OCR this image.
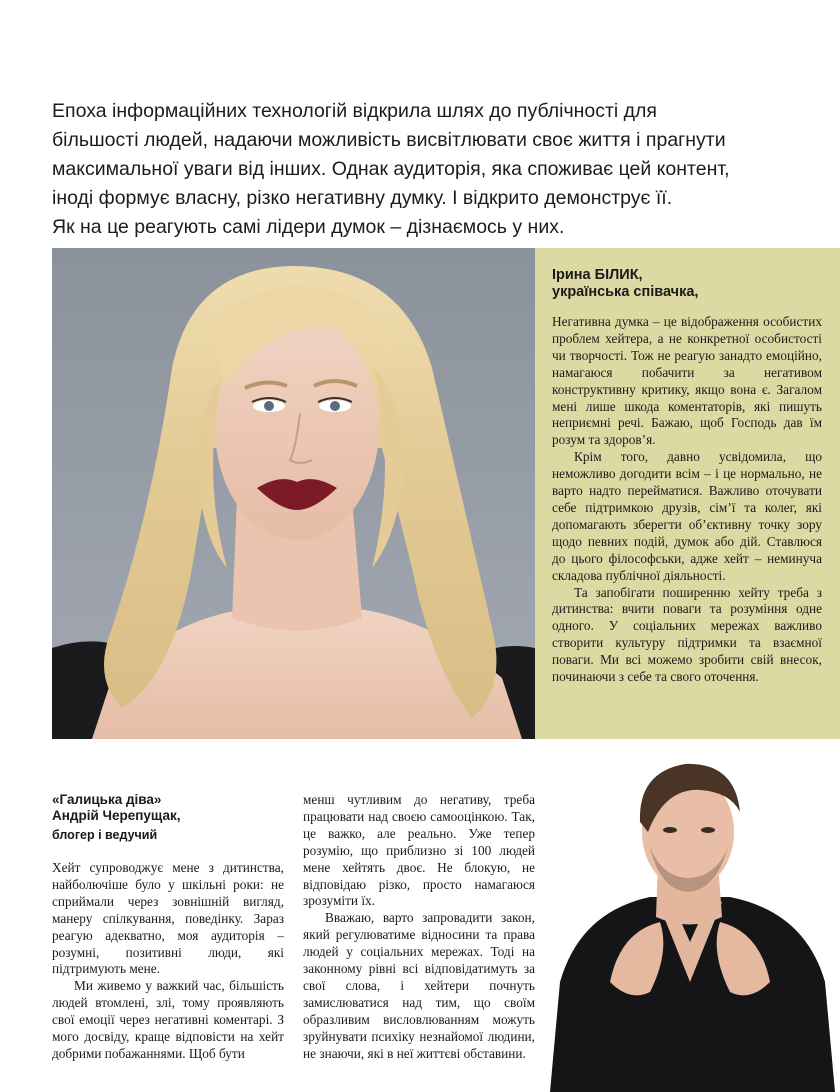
Епоха інформаційних технологій відкрила шлях до публічності для

більшості людей, надаючи можливість висвітлювати своє життя і прагнути

максимальної уваги від інших. Однак аудиторія, яка споживає цей контент,

іноді формує власну, різко негативну думку. І відкрито демонструє її.

Як на це реагують самі лідери думок – дізнаємось у них.

Ірина БІЛИК,
українська співачка,

Негативна думка – це відображення особистих проблем хейтера, а не конкретної особистості чи творчості. Тож не реагую занадто емоційно, намагаюся побачити за негативом конструктивну критику, якщо вона є. Загалом мені лише шкода коментаторів, які пишуть неприємні речі. Бажаю, щоб Господь дав їм розум та здоров’я.

Крім того, давно усвідомила, що неможливо догодити всім – і це нормально, не варто надто перейматися. Важливо оточувати себе підтримкою друзів, сім’ї та колег, які допомагають зберегти об’єктивну точку зору щодо певних подій, думок або дій. Ставлюся до цього філософськи, адже хейт – неминуча складова публічної діяльності.

Та запобігати поширенню хейту треба з дитинства: вчити поваги та розуміння одне одного. У соціальних мережах важливо створити культуру підтримки та взаємної поваги. Ми всі можемо зробити свій внесок, починаючи з себе та свого оточення.

«Галицька діва»
Андрій Черепущак,
блогер і ведучий

Хейт супроводжує мене з дитинства, найболючіше було у шкільні роки: не сприймали через зовнішній вигляд, манеру спілкування, поведінку. Зараз реагую адекватно, моя аудиторія – розумні, позитивні люди, які підтримують мене.

Ми живемо у важкий час, більшість людей втомлені, злі, тому проявляють свої емоції через негативні коментарі. З мого досвіду, краще відповісти на хейт добрими побажаннями. Щоб бути

менш чутливим до негативу, треба працювати над своєю самооцінкою. Так, це важко, але реально. Уже тепер розумію, що приблизно зі 100 людей мене хейтять двоє. Не блокую, не відповідаю різко, просто намагаюся зрозуміти їх.

Вважаю, варто запровадити закон, який регулюватиме відносини та права людей у соціальних мережах. Тоді на законному рівні всі відповідатимуть за свої слова, і хейтери почнуть замислюватися над тим, що своїм образливим висловлюванням можуть зруйнувати психіку незнайомої людини, не знаючи, які в неї життєві обставини.
